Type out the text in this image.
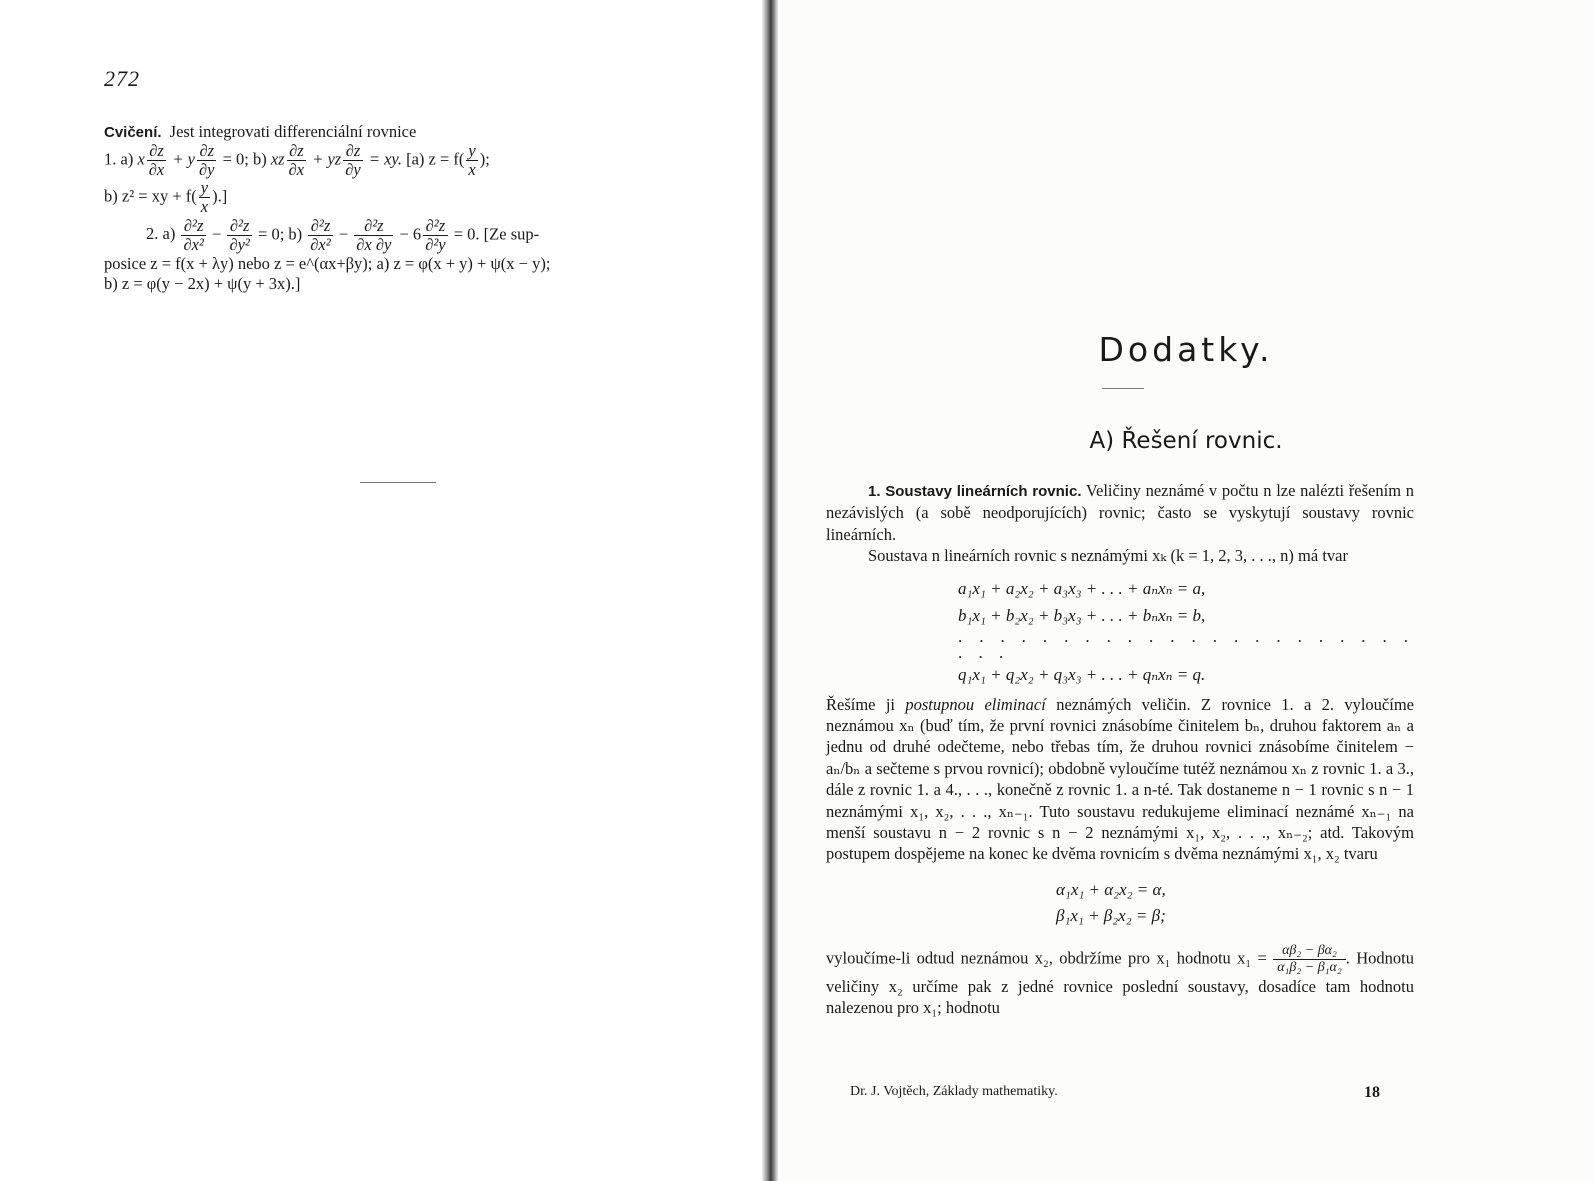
272

Cvičení. Jest integrovati differenciální rovnice

1. a) x $\frac{\partial z}{\partial x} + y \frac{\partial z}{\partial y} = 0$; b) xz $\frac{\partial z}{\partial x}$ + yz $\frac{\partial z}{\partial y}$ = xy. [a) $z = f( \frac{y}{x}$ );

b) z² = xy + $f( \frac{y}{x}$ ).]

2. $a) \frac{\text{∂²z}}{\text{∂x²}} - \frac{\text{∂²z}}{\text{∂y²}} = 0$; $b) \frac{\text{∂²z}}{\text{∂x²}} - \frac{\text{∂²z}}{\partial x \partial y} - 6 \frac{\text{∂²z}}{\text{∂²y}} = 0$. [Ze sup-

posice z = f(x + λy) nebo z = e^(αx+βy); a) z = φ(x + y) + ψ(x − y);

b) z = φ(y − 2x) + ψ(y + 3x).]

Dodatky.
A) Řešení rovnic.

1. Soustavy lineárních rovnic. Veličiny neznámé v počtu n lze nalézti řešením n nezávislých (a sobě neodporujících) rovnic; často se vyskytují soustavy rovnic lineárních.

Soustava n lineárních rovnic s neznámými xₖ (k = 1, 2, 3, . . ., n) má tvar

a₁x₁ + a₂x₂ + a₃x₃ + . . . + aₙxₙ = a,
b₁x₁ + b₂x₂ + b₃x₃ + . . . + bₙxₙ = b,
. . . . . . . . . . . . . . . . . . . . . . . . .
q₁x₁ + q₂x₂ + q₃x₃ + . . . + qₙxₙ = q.

Řešíme ji postupnou eliminací neznámých veličin. Z rovnice 1. a 2. vyloučíme neznámou xₙ (buď tím, že první rovnici znásobíme činitelem bₙ, druhou faktorem aₙ a jednu od druhé odečteme, nebo třebas tím, že druhou rovnici znásobíme činitelem − aₙ/bₙ a sečteme s prvou rovnicí); obdobně vyloučíme tutéž neznámou xₙ z rovnic 1. a 3., dále z rovnic 1. a 4., . . ., konečně z rovnic 1. a n-té. Tak dostaneme n − 1 rovnic s n − 1 neznámými x₁, x₂, . . ., xₙ₋₁. Tuto soustavu redukujeme eliminací neznámé xₙ₋₁ na menší soustavu n − 2 rovnic s n − 2 neznámými x₁, x₂, . . ., xₙ₋₂; atd. Takovým postupem dospějeme na konec ke dvěma rovnicím s dvěma neznámými x₁, x₂ tvaru

α₁x₁ + α₂x₂ = α,
β₁x₁ + β₂x₂ = β;

vyloučíme-li odtud neznámou x₂, obdržíme pro x₁ hodnotu $x_1 = \frac{\text{αβ₂ − βα₂}}{\text{α₁β₂ − β₁α₂}}$ . Hodnotu veličiny x₂ určíme pak z jedné rovnice poslední soustavy, dosadíce tam hodnotu nalezenou pro x₁; hodnotu

Dr. J. Vojtěch, Základy mathematiky.	18
